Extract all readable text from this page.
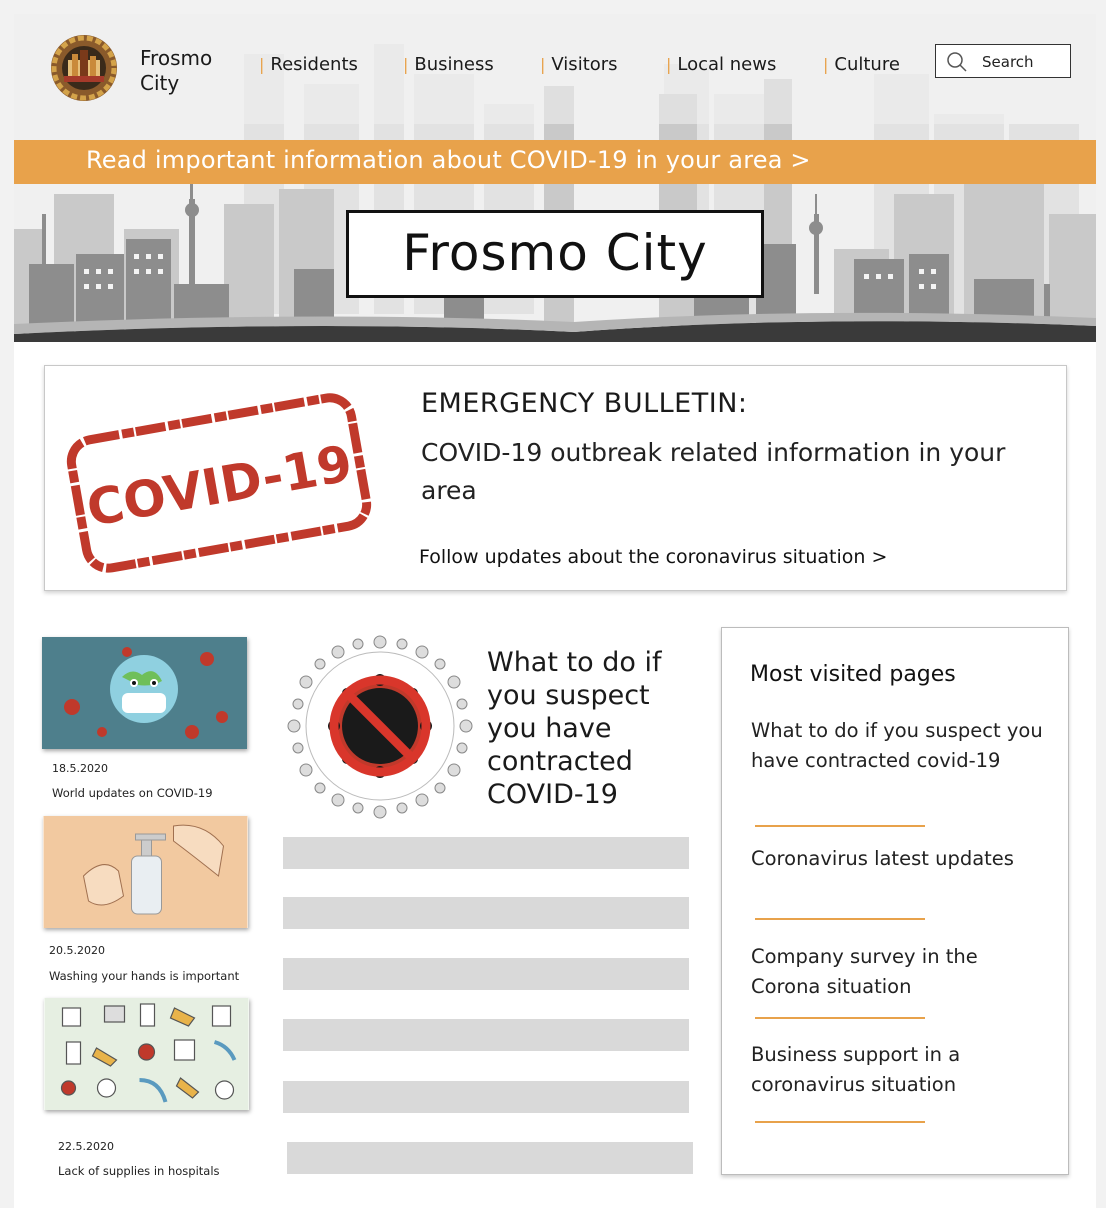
Frosmo
City
| Residents	| Business	| Visitors	| Local news	| Culture	Search
Read important information about COVID-19 in your area >
Frosmo City
COVID-19
EMERGENCY BULLETIN:
COVID-19 outbreak related information in your area
Follow updates about the coronavirus situation >
18.5.2020
World updates on COVID-19
20.5.2020
Washing your hands is important
22.5.2020
Lack of supplies in hospitals
What to do if you suspect you have contracted COVID-19
Most visited pages
What to do if you suspect you have contracted covid-19
Coronavirus latest updates
Company survey in the Corona situation
Business support in a coronavirus situation
